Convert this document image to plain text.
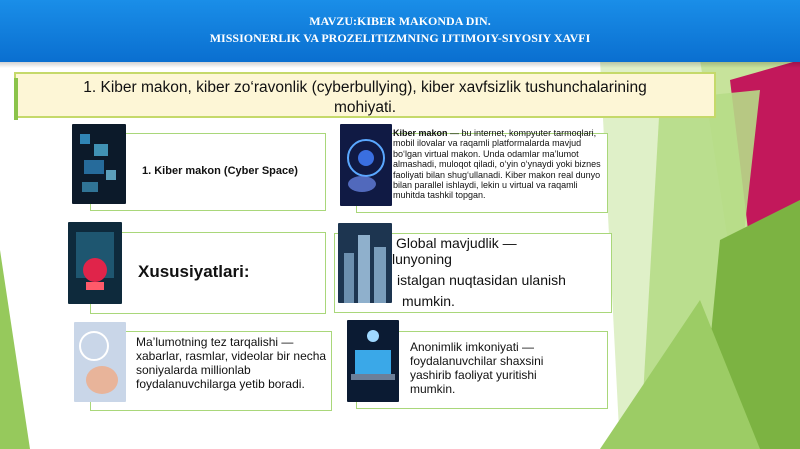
MAVZU:KIBER MAKONDA DIN.
MISSIONERLIK VA PROZELITIZMNING IJTIMOIY-SIYOSIY XAVFI
1. Kiber makon, kiber zo‘ravonlik (cyberbullying), kiber xavfsizlik tushunchalarining
mohiyati.
1. Kiber makon (Cyber Space)
Kiber makon — bu internet, kompyuter tarmoqlari, mobil ilovalar va raqamli platformalarda mavjud bo‘lgan virtual makon. Unda odamlar ma’lumot almashadi, muloqot qiladi, o‘yin o‘ynaydi yoki biznes faoliyati bilan shug‘ullanadi. Kiber makon real dunyo bilan parallel ishlaydi, lekin u virtual va raqamli muhitda tashkil topgan.
Xususiyatlari:
Global mavjudlik —
lunyoning
istalgan nuqtasidan ulanish
mumkin.
Ma’lumotning tez tarqalishi — xabarlar, rasmlar, videolar bir necha soniyalarda millionlab foydalanuvchilarga yetib boradi.
Anonimlik imkoniyati — foydalanuvchilar shaxsini yashirib faoliyat yuritishi mumkin.
